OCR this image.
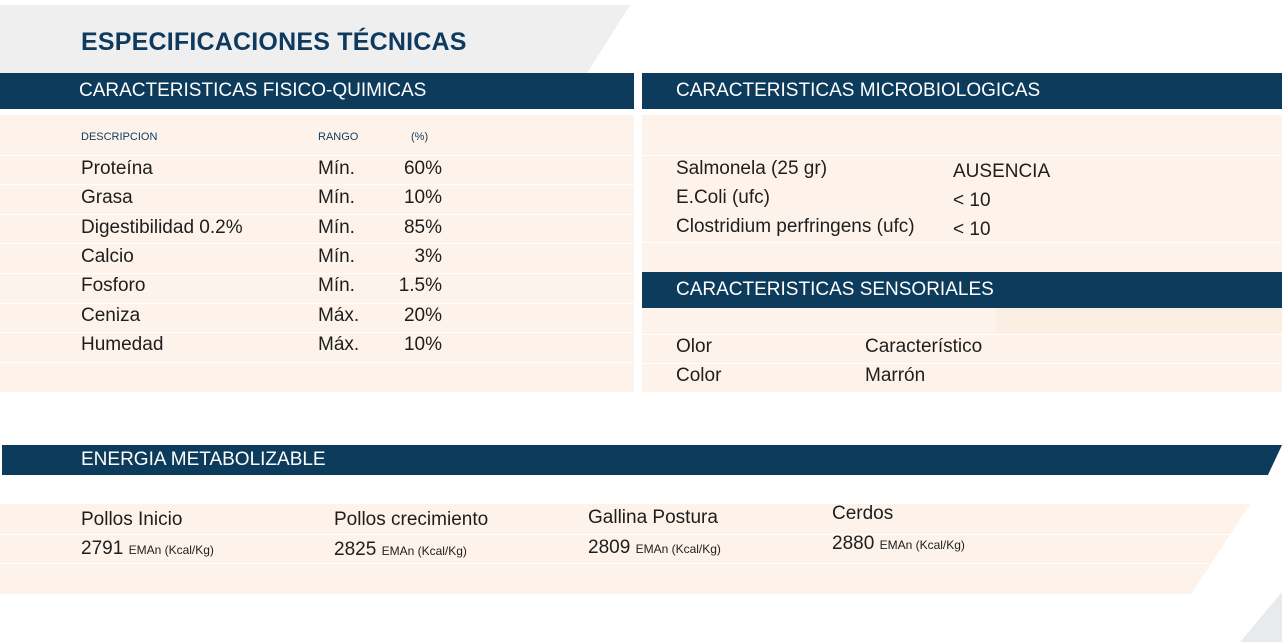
ESPECIFICACIONES TÉCNICAS
CARACTERISTICAS FISICO-QUIMICAS
DESCRIPCION	RANGO	(%)
Proteína	Mín.	60%
Grasa	Mín.	10%
Digestibilidad 0.2%	Mín.	85%
Calcio	Mín.	3%
Fosforo	Mín.	1.5%
Ceniza	Máx.	20%
Humedad	Máx.	10%
CARACTERISTICAS MICROBIOLOGICAS
Salmonela (25 gr)	AUSENCIA
E.Coli (ufc)	< 10
Clostridium perfringens (ufc) < 10
CARACTERISTICAS SENSORIALES
Olor	Característico
Color	Marrón
ENERGIA METABOLIZABLE
Pollos Inicio
2791 EMAn (Kcal/Kg)
Pollos crecimiento
2825 EMAn (Kcal/Kg)
Gallina Postura
2809 EMAn (Kcal/Kg)
Cerdos
2880 EMAn (Kcal/Kg)
